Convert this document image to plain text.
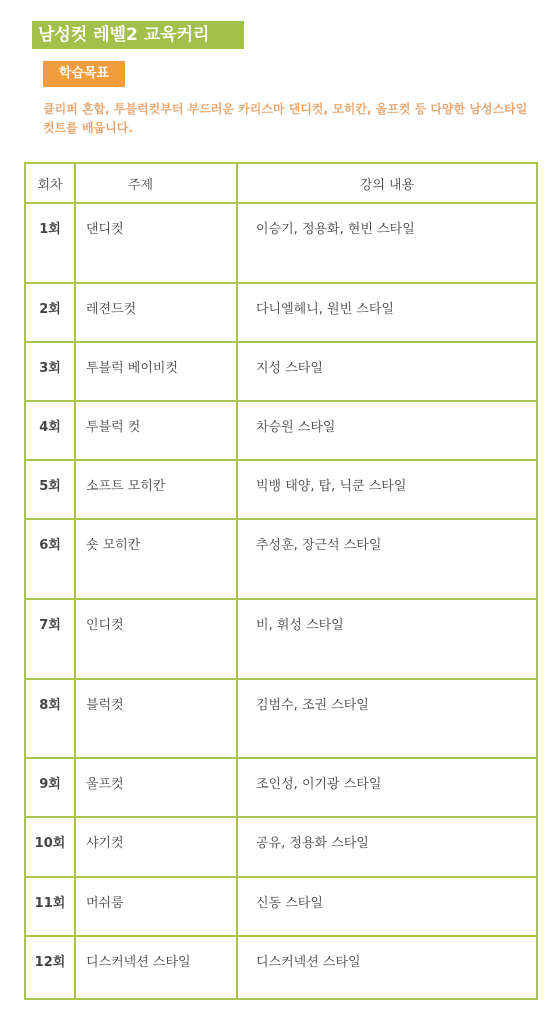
남성컷 레벨2 교육커리
학습목표
클리퍼 혼합, 투블럭컷부터 부드러운 카리스마 댄디컷, 모히칸, 올프컷 등 다양한 남성스타일컷트를 배웁니다.
회차	주제	강의 내용
1회	댄디컷	이승기, 정용화, 현빈 스타일
2회	레젼드컷	다니엘헤니, 원빈 스타일
3회	투블럭 베이비컷	지성 스타일
4회	투블럭 컷	차승원 스타일
5회	소프트 모히칸	빅뱅 태양, 탑, 닉쿤 스타일
6회	숏 모히칸	추성훈, 장근석 스타일
7회	인디컷	비, 휘성 스타일
8회	블럭컷	김범수, 조권 스타일
9회	울프컷	조인성, 이기광 스타일
10회	샤기컷	공유, 정용화 스타일
11회	머쉬룸	신동 스타일
12회	디스커넥션 스타일	디스커넥션 스타일
